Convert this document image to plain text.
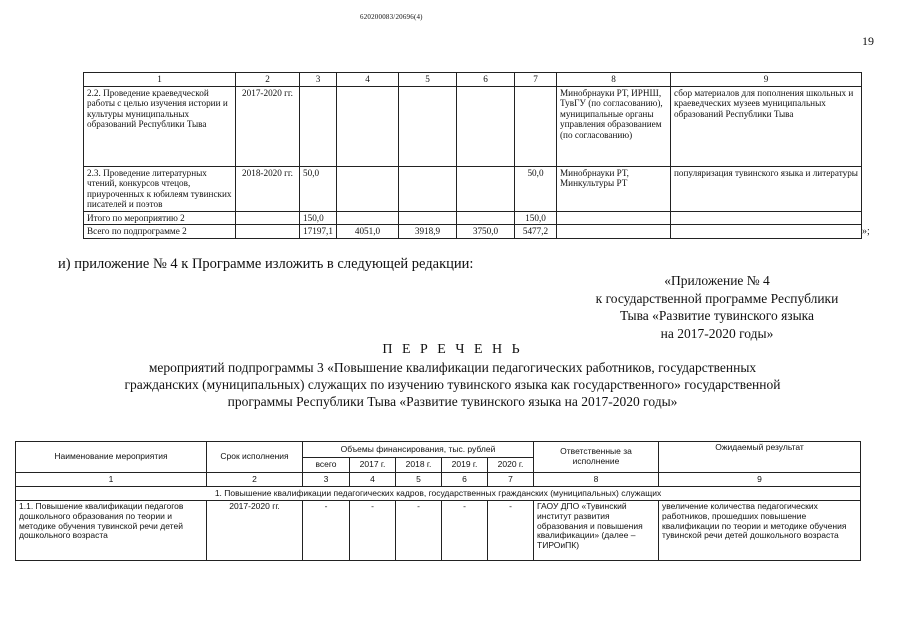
620200083/20696(4)
19
1	2	3	4	5	6	7	8	9
2.2. Проведение краеведческой работы с целью изучения истории и культуры муниципальных образований Республики Тыва	2017-2020 гг.						Минобрнауки РТ, ИРНШ, ТувГУ (по согласованию), муниципальные органы управления образованием (по согласованию)	сбор материалов для пополнения школьных и краеведческих музеев муниципальных образований Республики Тыва
2.3. Проведение литературных чтений, конкурсов чтецов, приуроченных к юбилеям тувинских писателей и поэтов	2018-2020 гг.	50,0				50,0	Минобрнауки РТ, Минкультуры РТ	популяризация тувинского языка и литературы
Итого по мероприятию 2		150,0				150,0		
Всего по подпрограмме 2		17197,1	4051,0	3918,9	3750,0	5477,2			»;
и) приложение № 4 к Программе изложить в следующей редакции:
«Приложение № 4
к государственной программе Республики
Тыва «Развитие тувинского языка
на 2017-2020 годы»
П Е Р Е Ч Е Н Ь
мероприятий подпрограммы 3 «Повышение квалификации педагогических работников, государственных гражданских (муниципальных) служащих по изучению тувинского языка как государственного» государственной программы Республики Тыва «Развитие тувинского языка на 2017-2020 годы»
Наименование мероприятия	Срок исполнения	Объемы финансирования, тыс. рублей					Ответственные за исполнение	Ожидаемый результат
		всего	2017 г.	2018 г.	2019 г.	2020 г.		
1	2	3	4	5	6	7	8	9
1. Повышение квалификации педагогических кадров, государственных гражданских (муниципальных) служащих								
1.1. Повышение квалификации педагогов дошкольного образования по теории и методике обучения тувинской речи детей дошкольного возраста	2017-2020 гг.	-	-	-	-	-	ГАОУ ДПО «Тувинский институт развития образования и повышения квалификации» (далее – ТИРОиПК)	увеличение количества педагогических работников, прошедших повышение квалификации по теории и методике обучения тувинской речи детей дошкольного возраста
